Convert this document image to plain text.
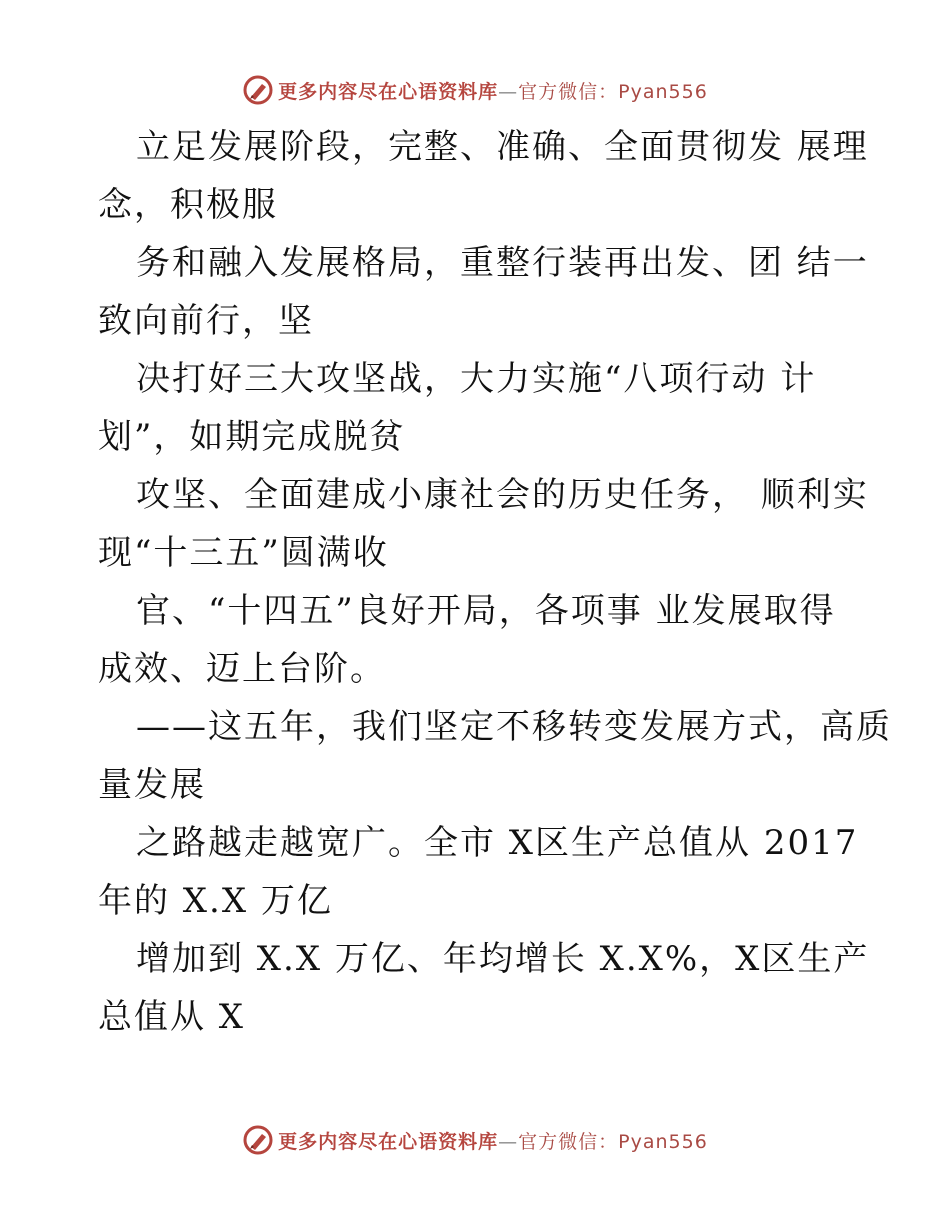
更多内容尽在心语资料库—官方微信：Pyan556

立足发展阶段，完整、准确、全面贯彻发 展理
念，积极服

务和融入发展格局，重整行装再出发、团 结一
致向前行，坚

决打好三大攻坚战，大力实施“八项行动 计
划”，如期完成脱贫

攻坚、全面建成小康社会的历史任务， 顺利实
现“十三五”圆满收

官、“十四五”良好开局，各项事 业发展取得
成效、迈上台阶。

——这五年，我们坚定不移转变发展方式，高质
量发展

之路越走越宽广。全市 X区生产总值从 2017
年的 X.X 万亿

增加到 X.X 万亿、年均增长 X.X%，X区生产
总值从 X

更多内容尽在心语资料库—官方微信：Pyan556
